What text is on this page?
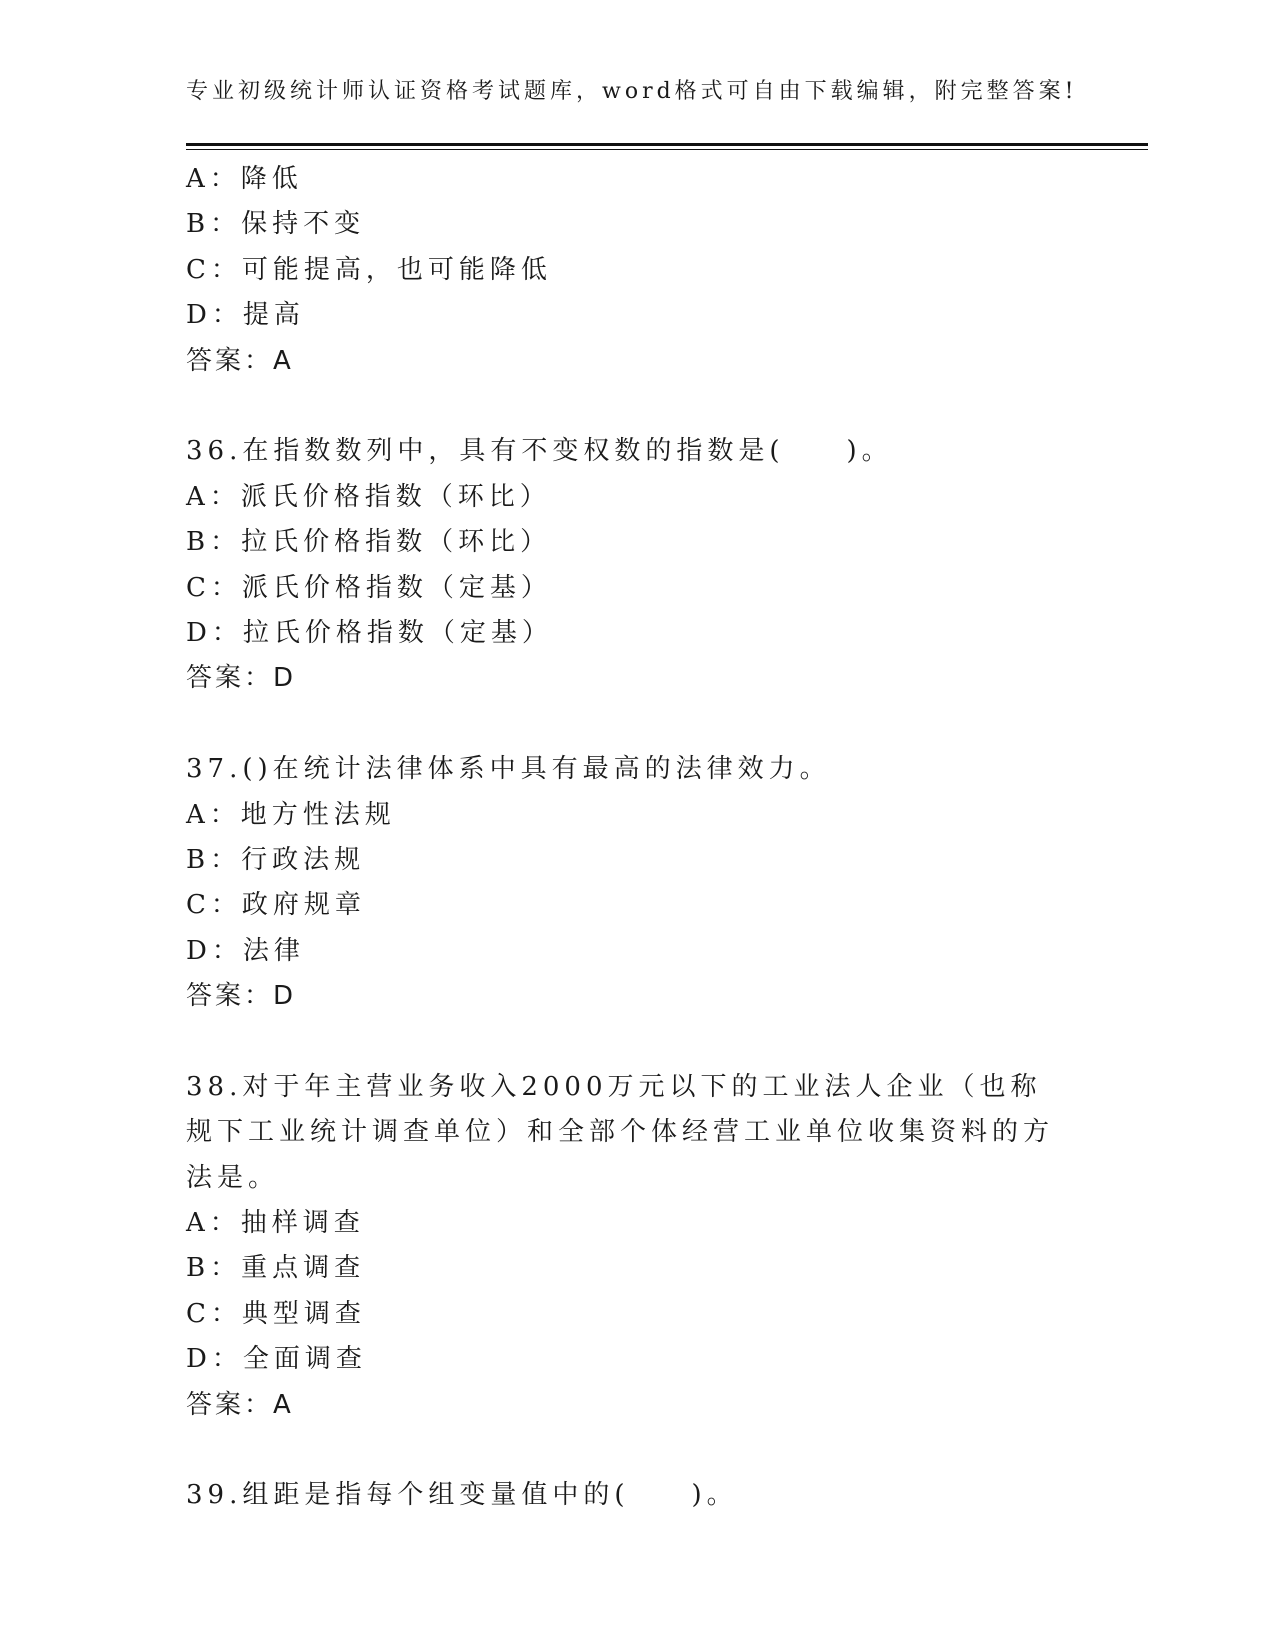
专业初级统计师认证资格考试题库，word格式可自由下载编辑，附完整答案!
A：降低
B：保持不变
C：可能提高，也可能降低
D：提高
答案：A
36.在指数数列中，具有不变权数的指数是(　　)。
A：派氏价格指数（环比）
B：拉氏价格指数（环比）
C：派氏价格指数（定基）
D：拉氏价格指数（定基）
答案：D
37.()在统计法律体系中具有最高的法律效力。
A：地方性法规
B：行政法规
C：政府规章
D：法律
答案：D
38.对于年主营业务收入2000万元以下的工业法人企业（也称规下工业统计调查单位）和全部个体经营工业单位收集资料的方法是。
A：抽样调查
B：重点调查
C：典型调查
D：全面调查
答案：A
39.组距是指每个组变量值中的(　　)。
